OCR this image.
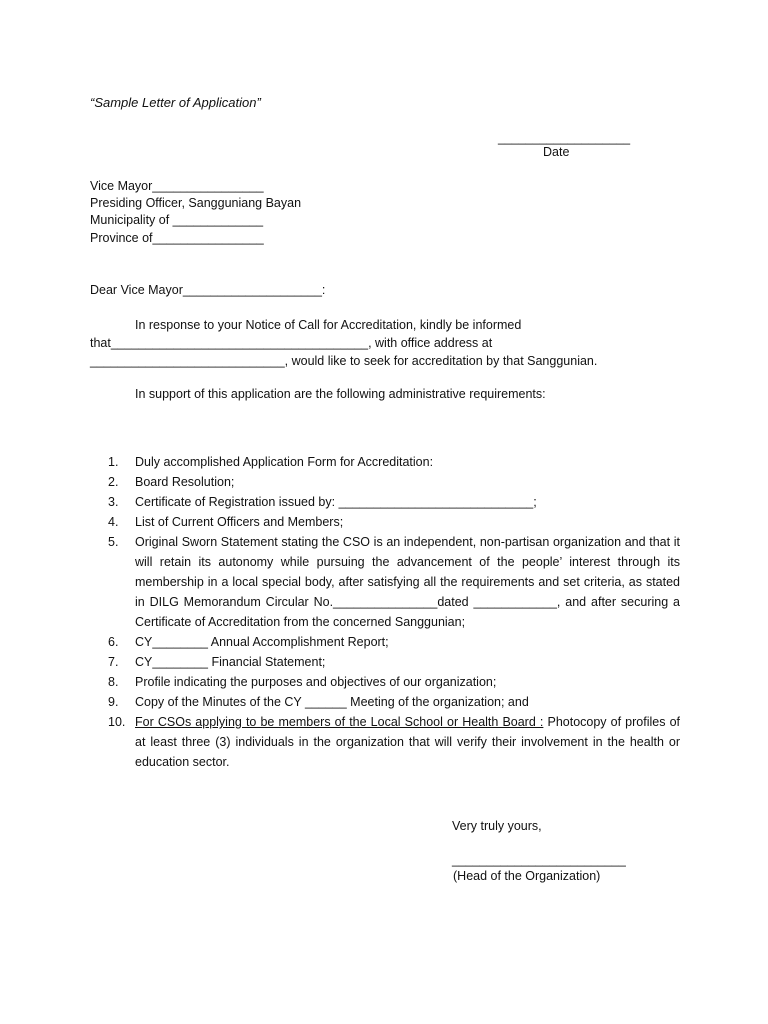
“Sample Letter of Application”
___________________
Date
Vice Mayor________________
Presiding Officer, Sangguniang Bayan
Municipality of _____________
Province of________________
Dear Vice Mayor____________________:
In response to your Notice of Call for Accreditation, kindly be informed
that_____________________________________, with office address at
____________________________, would like to seek for accreditation by that Sanggunian.
In support of this application are the following administrative requirements:
1.	Duly accomplished Application Form for Accreditation:
2.	Board Resolution;
3.	Certificate of Registration issued by: ____________________________;
4.	List of Current Officers and Members;
5.	Original Sworn Statement stating the CSO is an independent, non-partisan organization and that it will retain its autonomy while pursuing the advancement of the people’ interest through its membership in a local special body, after satisfying all the requirements and set criteria, as stated in DILG Memorandum Circular No._______________dated ____________, and after securing a Certificate of Accreditation from the concerned Sanggunian;
6.	CY________ Annual Accomplishment Report;
7.	CY________ Financial Statement;
8.	Profile indicating the purposes and objectives of our organization;
9.	Copy of the Minutes of the CY ______ Meeting of the organization; and
10. For CSOs applying to be members of the Local School or Health Board : Photocopy of profiles of at least three (3) individuals in the organization that will verify their involvement in the health or education sector.
Very truly yours,
_________________________
(Head of the Organization)
